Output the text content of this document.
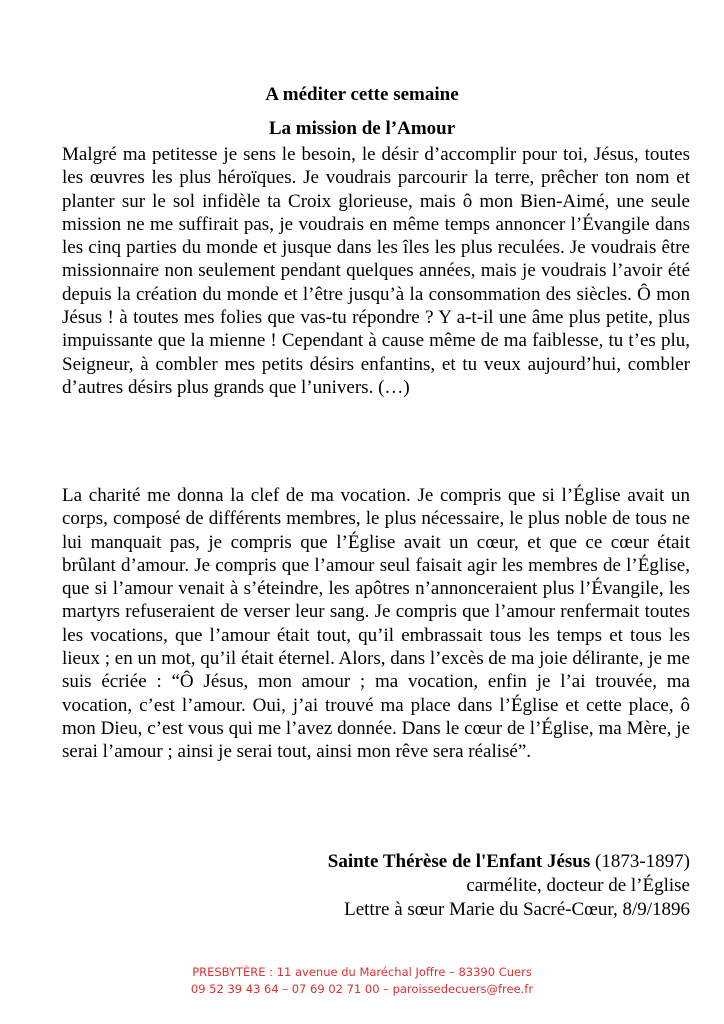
A méditer cette semaine
La mission de l’Amour

Malgré ma petitesse je sens le besoin, le désir d’accomplir pour toi, Jésus, toutes les œuvres les plus héroïques. Je voudrais parcourir la terre, prêcher ton nom et planter sur le sol infidèle ta Croix glorieuse, mais ô mon Bien-Aimé, une seule mission ne me suffirait pas, je voudrais en même temps annoncer l’Évangile dans les cinq parties du monde et jusque dans les îles les plus reculées. Je voudrais être missionnaire non seulement pendant quelques années, mais je voudrais l’avoir été depuis la création du monde et l’être jusqu’à la consommation des siècles. Ô mon Jésus ! à toutes mes folies que vas-tu répondre ? Y a-t-il une âme plus petite, plus impuissante que la mienne ! Cependant à cause même de ma faiblesse, tu t’es plu, Seigneur, à combler mes petits désirs enfantins, et tu veux aujourd’hui, combler d’autres désirs plus grands que l’univers. (…)

La charité me donna la clef de ma vocation. Je compris que si l’Église avait un corps, composé de différents membres, le plus nécessaire, le plus noble de tous ne lui manquait pas, je compris que l’Église avait un cœur, et que ce cœur était brûlant d’amour. Je compris que l’amour seul faisait agir les membres de l’Église, que si l’amour venait à s’éteindre, les apôtres n’annonceraient plus l’Évangile, les martyrs refuseraient de verser leur sang. Je compris que l’amour renfermait toutes les vocations, que l’amour était tout, qu’il embrassait tous les temps et tous les lieux ; en un mot, qu’il était éternel. Alors, dans l’excès de ma joie délirante, je me suis écriée : “Ô Jésus, mon amour ; ma vocation, enfin je l’ai trouvée, ma vocation, c’est l’amour. Oui, j’ai trouvé ma place dans l’Église et cette place, ô mon Dieu, c’est vous qui me l’avez donnée. Dans le cœur de l’Église, ma Mère, je serai l’amour ; ainsi je serai tout, ainsi mon rêve sera réalisé”.

Sainte Thérèse de l'Enfant Jésus (1873-1897)
carmélite, docteur de l’Église
Lettre à sœur Marie du Sacré-Cœur, 8/9/1896
PRESBYTÈRE : 11 avenue du Maréchal Joffre – 83390 Cuers
09 52 39 43 64 – 07 69 02 71 00 – paroissedecuers@free.fr
